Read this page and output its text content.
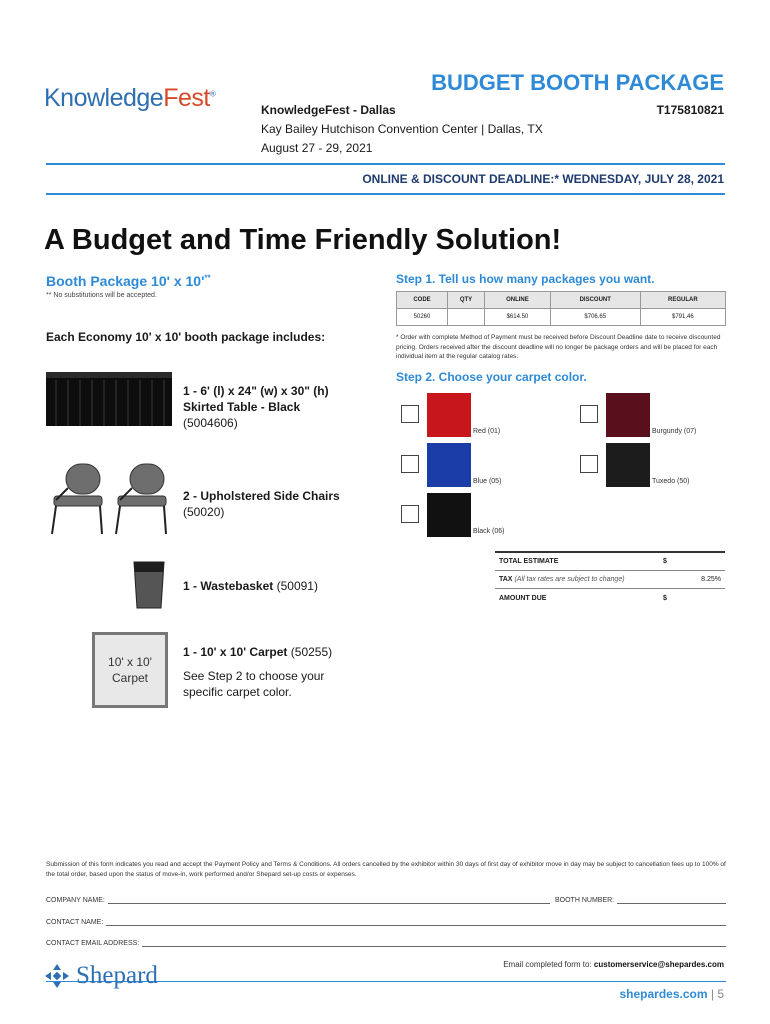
KnowledgeFest®	BUDGET BOOTH PACKAGE
KnowledgeFest - Dallas	T175810821
Kay Bailey Hutchison Convention Center | Dallas, TX
August 27 - 29, 2021
ONLINE & DISCOUNT DEADLINE:* WEDNESDAY, JULY 28, 2021
A Budget and Time Friendly Solution!
Booth Package 10' x 10'**
** No substitutions will be accepted.
Each Economy 10' x 10' booth package includes:
1 - 6' (l) x 24" (w) x 30" (h)
Skirted Table - Black
(5004606)
2 - Upholstered Side Chairs
(50020)
1 - Wastebasket (50091)
10' x 10'
Carpet
1 - 10' x 10' Carpet (50255)
See Step 2 to choose your
specific carpet color.
Step 1. Tell us how many packages you want.
CODE	QTY	ONLINE	DISCOUNT	REGULAR
50260		$614.50	$706.65	$791.46
* Order with complete Method of Payment must be received before Discount Deadline date to receive discounted pricing. Orders received after the discount deadline will no longer be package orders and will be placed for each individual item at the regular catalog rates.
Step 2. Choose your carpet color.
Red (01)	Burgundy (07)
Blue (05)	Tuxedo (50)
Black (06)
TOTAL ESTIMATE	$
TAX (All tax rates are subject to change)	8.25%
AMOUNT DUE	$
Submission of this form indicates you read and accept the Payment Policy and Terms & Conditions. All orders cancelled by the exhibitor within 30 days of first day of exhibitor move in day may be subject to cancellation fees up to 100% of the total order, based upon the status of move-in, work performed and/or Shepard set-up costs or expenses.
COMPANY NAME:	BOOTH NUMBER:
CONTACT NAME:
CONTACT EMAIL ADDRESS:
Email completed form to: customerservice@shepardes.com
Shepard
shepardes.com | 5
